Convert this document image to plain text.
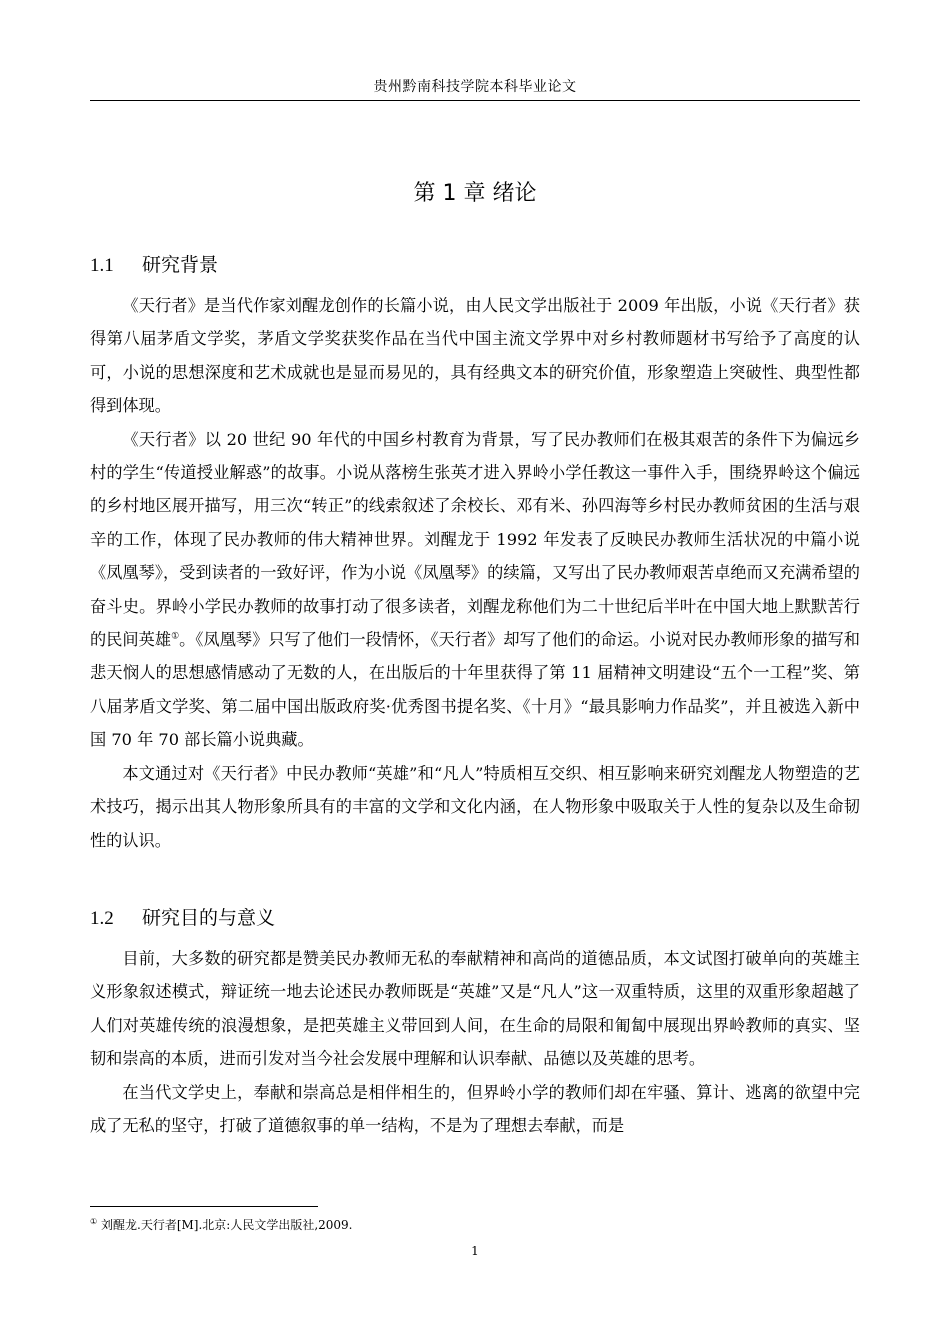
贵州黔南科技学院本科毕业论文
第 1 章 绪论
1.1 研究背景

《天行者》是当代作家刘醒龙创作的长篇小说，由人民文学出版社于 2009 年出版，小说《天行者》获得第八届茅盾文学奖，茅盾文学奖获奖作品在当代中国主流文学界中对乡村教师题材书写给予了高度的认可，小说的思想深度和艺术成就也是显而易见的，具有经典文本的研究价值，形象塑造上突破性、典型性都得到体现。

《天行者》以 20 世纪 90 年代的中国乡村教育为背景，写了民办教师们在极其艰苦的条件下为偏远乡村的学生“传道授业解惑”的故事。小说从落榜生张英才进入界岭小学任教这一事件入手，围绕界岭这个偏远的乡村地区展开描写，用三次“转正”的线索叙述了余校长、邓有米、孙四海等乡村民办教师贫困的生活与艰辛的工作，体现了民办教师的伟大精神世界。刘醒龙于 1992 年发表了反映民办教师生活状况的中篇小说《凤凰琴》，受到读者的一致好评，作为小说《凤凰琴》的续篇，又写出了民办教师艰苦卓绝而又充满希望的奋斗史。界岭小学民办教师的故事打动了很多读者，刘醒龙称他们为二十世纪后半叶在中国大地上默默苦行的民间英雄①。《凤凰琴》只写了他们一段情怀，《天行者》却写了他们的命运。小说对民办教师形象的描写和悲天悯人的思想感情感动了无数的人，在出版后的十年里获得了第 11 届精神文明建设“五个一工程”奖、第八届茅盾文学奖、第二届中国出版政府奖·优秀图书提名奖、《十月》“最具影响力作品奖”，并且被选入新中国 70 年 70 部长篇小说典藏。

本文通过对《天行者》中民办教师“英雄”和“凡人”特质相互交织、相互影响来研究刘醒龙人物塑造的艺术技巧，揭示出其人物形象所具有的丰富的文学和文化内涵，在人物形象中吸取关于人性的复杂以及生命韧性的认识。

1.2 研究目的与意义

目前，大多数的研究都是赞美民办教师无私的奉献精神和高尚的道德品质，本文试图打破单向的英雄主义形象叙述模式，辩证统一地去论述民办教师既是“英雄”又是“凡人”这一双重特质，这里的双重形象超越了人们对英雄传统的浪漫想象，是把英雄主义带回到人间，在生命的局限和匍匐中展现出界岭教师的真实、坚韧和崇高的本质，进而引发对当今社会发展中理解和认识奉献、品德以及英雄的思考。

在当代文学史上，奉献和崇高总是相伴相生的，但界岭小学的教师们却在牢骚、算计、逃离的欲望中完成了无私的坚守，打破了道德叙事的单一结构，不是为了理想去奉献，而是

① 刘醒龙.天行者[M].北京:人民文学出版社,2009.
1
